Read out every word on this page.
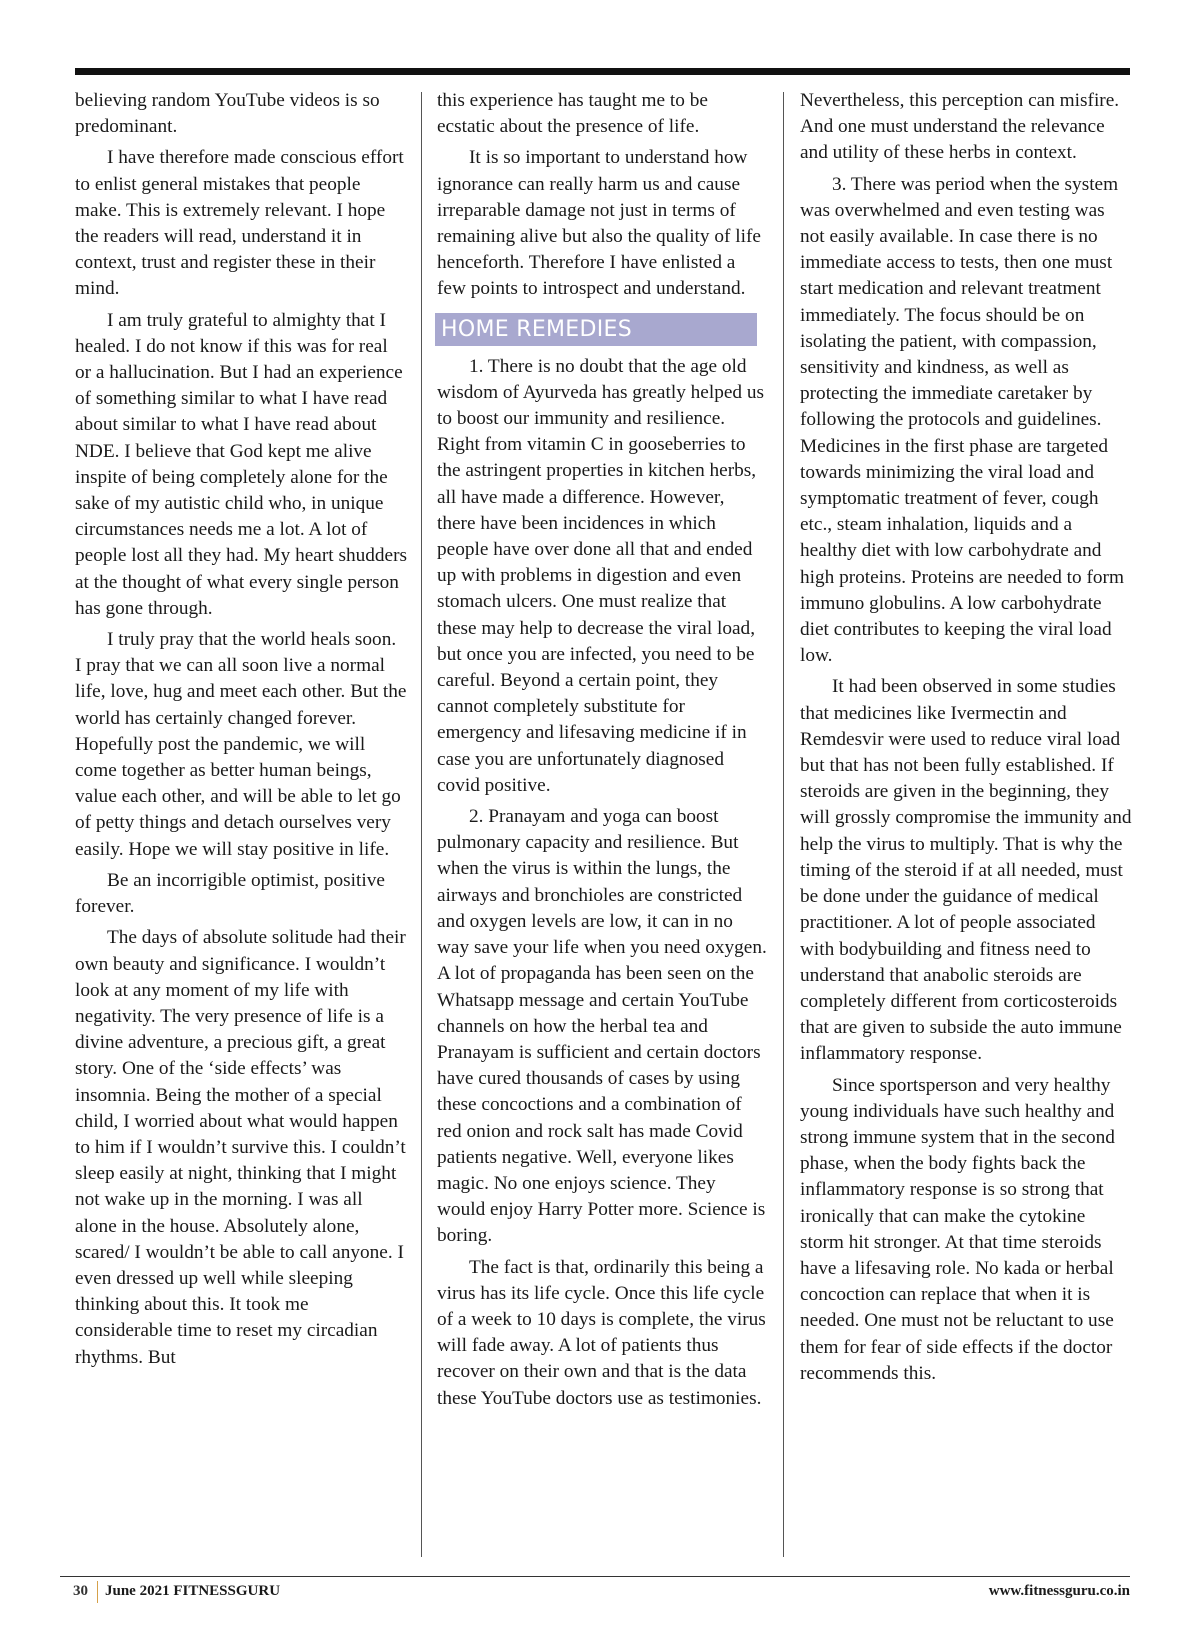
believing random YouTube videos is so predominant.

I have therefore made conscious effort to enlist general mistakes that people make. This is extremely relevant. I hope the readers will read, understand it in context, trust and register these in their mind.

I am truly grateful to almighty that I healed. I do not know if this was for real or a hallucination. But I had an experience of something similar to what I have read about similar to what I have read about NDE. I believe that God kept me alive inspite of being completely alone for the sake of my autistic child who, in unique circumstances needs me a lot. A lot of people lost all they had. My heart shudders at the thought of what every single person has gone through.

I truly pray that the world heals soon. I pray that we can all soon live a normal life, love, hug and meet each other. But the world has certainly changed forever. Hopefully post the pandemic, we will come together as better human beings, value each other, and will be able to let go of petty things and detach ourselves very easily. Hope we will stay positive in life.

Be an incorrigible optimist, positive forever.

The days of absolute solitude had their own beauty and significance. I wouldn’t look at any moment of my life with negativity. The very presence of life is a divine adventure, a precious gift, a great story. One of the ‘side effects’ was insomnia. Being the mother of a special child, I worried about what would happen to him if I wouldn’t survive this. I couldn’t sleep easily at night, thinking that I might not wake up in the morning. I was all alone in the house. Absolutely alone, scared/ I wouldn’t be able to call anyone. I even dressed up well while sleeping thinking about this. It took me considerable time to reset my circadian rhythms. But

this experience has taught me to be ecstatic about the presence of life.

It is so important to understand how ignorance can really harm us and cause irreparable damage not just in terms of remaining alive but also the quality of life henceforth. Therefore I have enlisted a few points to introspect and understand.

HOME REMEDIES

1. There is no doubt that the age old wisdom of Ayurveda has greatly helped us to boost our immunity and resilience. Right from vitamin C in gooseberries to the astringent properties in kitchen herbs, all have made a difference. However, there have been incidences in which people have over done all that and ended up with problems in digestion and even stomach ulcers. One must realize that these may help to decrease the viral load, but once you are infected, you need to be careful. Beyond a certain point, they cannot completely substitute for emergency and lifesaving medicine if in case you are unfortunately diagnosed covid positive.

2. Pranayam and yoga can boost pulmonary capacity and resilience. But when the virus is within the lungs, the airways and bronchioles are constricted and oxygen levels are low, it can in no way save your life when you need oxygen. A lot of propaganda has been seen on the Whatsapp message and certain YouTube channels on how the herbal tea and Pranayam is sufficient and certain doctors have cured thousands of cases by using these concoctions and a combination of red onion and rock salt has made Covid patients negative. Well, everyone likes magic. No one enjoys science. They would enjoy Harry Potter more. Science is boring.

The fact is that, ordinarily this being a virus has its life cycle. Once this life cycle of a week to 10 days is complete, the virus will fade away. A lot of patients thus recover on their own and that is the data these YouTube doctors use as testimonies.

Nevertheless, this perception can misfire. And one must understand the relevance and utility of these herbs in context.

3. There was period when the system was overwhelmed and even testing was not easily available. In case there is no immediate access to tests, then one must start medication and relevant treatment immediately. The focus should be on isolating the patient, with compassion, sensitivity and kindness, as well as protecting the immediate caretaker by following the protocols and guidelines. Medicines in the first phase are targeted towards minimizing the viral load and symptomatic treatment of fever, cough etc., steam inhalation, liquids and a healthy diet with low carbohydrate and high proteins. Proteins are needed to form immuno globulins. A low carbohydrate diet contributes to keeping the viral load low.

It had been observed in some studies that medicines like Ivermectin and Remdesvir were used to reduce viral load but that has not been fully established. If steroids are given in the beginning, they will grossly compromise the immunity and help the virus to multiply. That is why the timing of the steroid if at all needed, must be done under the guidance of medical practitioner. A lot of people associated with bodybuilding and fitness need to understand that anabolic steroids are completely different from corticosteroids that are given to subside the auto immune inflammatory response.

Since sportsperson and very healthy young individuals have such healthy and strong immune system that in the second phase, when the body fights back the inflammatory response is so strong that ironically that can make the cytokine storm hit stronger. At that time steroids have a lifesaving role. No kada or herbal concoction can replace that when it is needed. One must not be reluctant to use them for fear of side effects if the doctor recommends this.

30 June 2021 FITNESSGURU	www.fitnessguru.co.in
